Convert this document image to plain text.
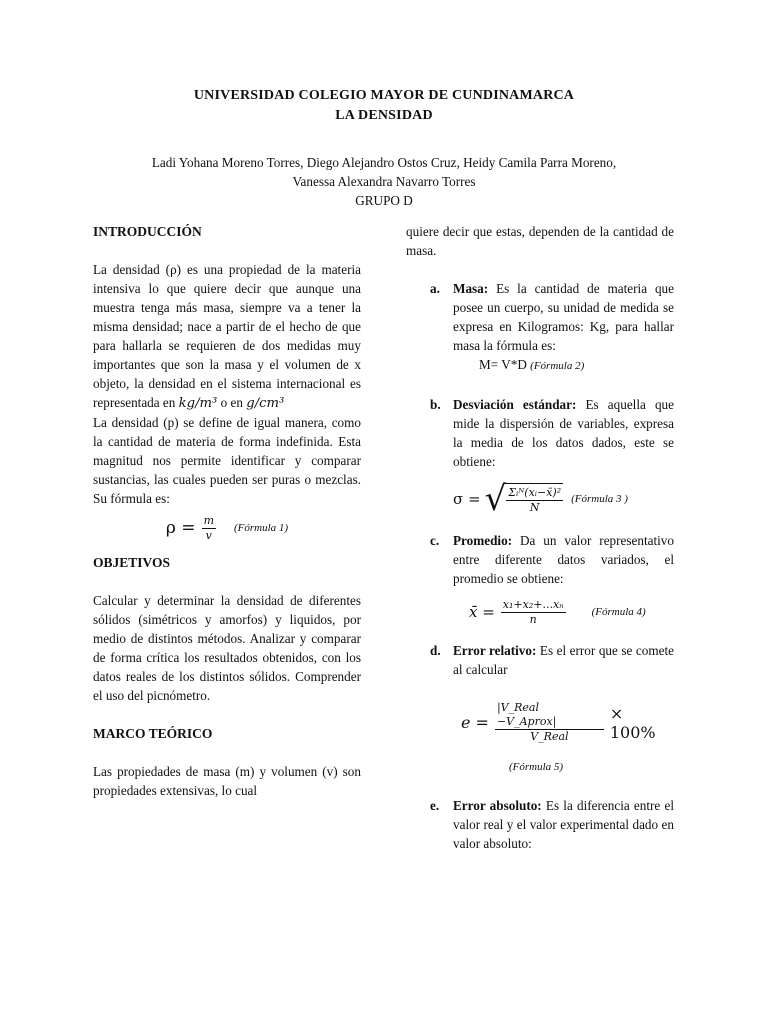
UNIVERSIDAD COLEGIO MAYOR DE CUNDINAMARCA
LA DENSIDAD
Ladi Yohana Moreno Torres, Diego Alejandro Ostos Cruz, Heidy Camila Parra Moreno,
Vanessa Alexandra Navarro Torres
GRUPO D
INTRODUCCIÓN

La densidad (ρ) es una propiedad de la materia intensiva lo que quiere decir que aunque una muestra tenga más masa, siempre va a tener la misma densidad; nace a partir de el hecho de que para hallarla se requieren de dos medidas muy importantes que son la masa y el volumen de x objeto, la densidad en el sistema internacional es representada en kg/m³ o en g/cm³

La densidad (p) se define de igual manera, como la cantidad de materia de forma indefinida. Esta magnitud nos permite identificar y comparar sustancias, las cuales pueden ser puras o mezclas. Su fórmula es:

$\rho = \frac{m}{v}$ (Fórmula 1)
OBJETIVOS

Calcular y determinar la densidad de diferentes sólidos (simétricos y amorfos) y liquidos, por medio de distintos métodos. Analizar y comparar de forma crítica los resultados obtenidos, con los datos reales de los distintos sólidos. Comprender el uso del picnómetro.

MARCO TEÓRICO

Las propiedades de masa (m) y volumen (v) son propiedades extensivas, lo cual

quiere decir que estas, dependen de la cantidad de masa.

a. Masa: Es la cantidad de materia que posee un cuerpo, su unidad de medida se expresa en Kilogramos: Kg, para hallar masa la fórmula es:

M= V*D (Fórmula 2)
b. Desviación estándar: Es aquella que mide la dispersión de variables, expresa la media de los datos dados, este se obtiene:

σ = √ $\frac{\text{Σᵢᴺ(xᵢ−x̄)²}}{N}$ (Fórmula 3 )
c. Promedio: Da un valor representativo entre diferente datos variados, el promedio se obtiene:

x̄ = $\frac{\text{x₁+x₂+...xₙ}}{n}$ (Fórmula 4)
d. Error relativo: Es el error que se comete al calcular

$e = \frac{\text{|V\_Real −V\_Aprox|}}{\text{V\_Real}} \times 100\%$
(Fórmula 5)
e. Error absoluto: Es la diferencia entre el valor real y el valor experimental dado en valor absoluto:
